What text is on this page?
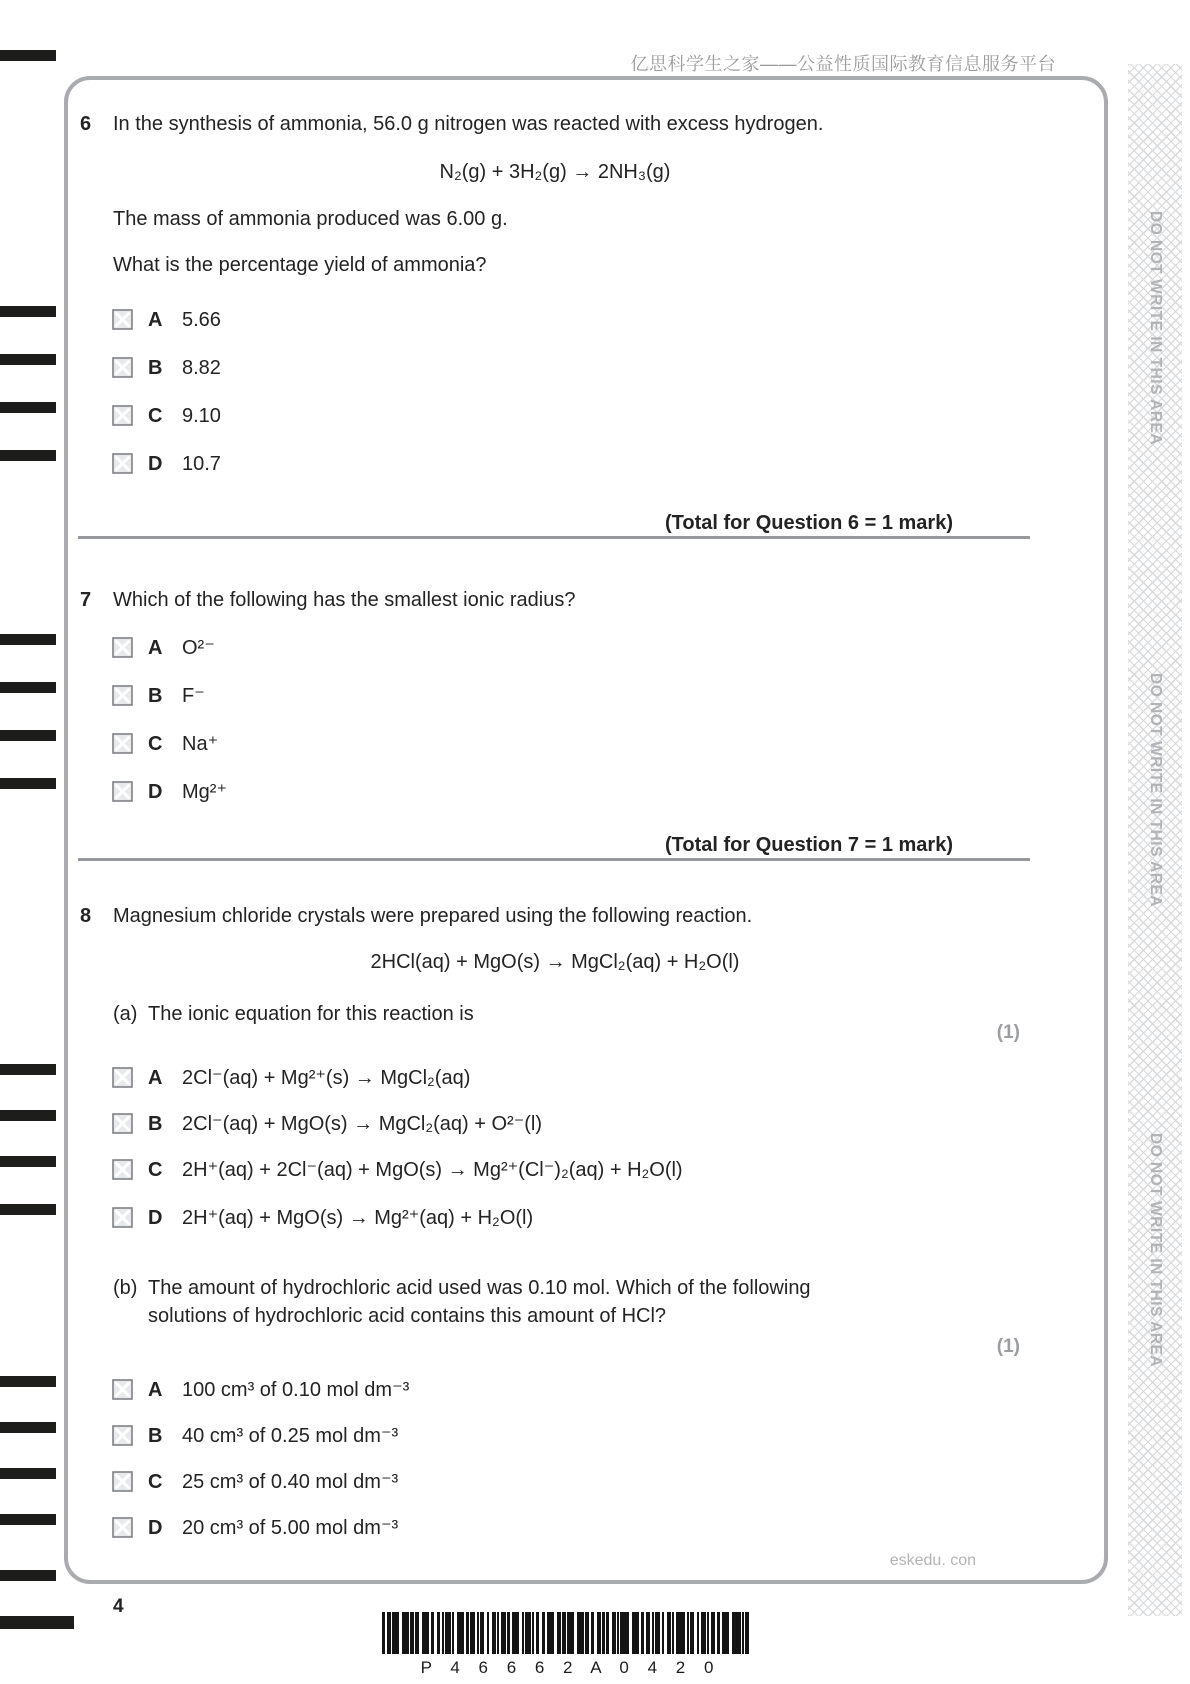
亿思科学生之家——公益性质国际教育信息服务平台
DO NOT WRITE IN THIS AREA
DO NOT WRITE IN THIS AREA
DO NOT WRITE IN THIS AREA
6	In the synthesis of ammonia, 56.0 g nitrogen was reacted with excess hydrogen.
N₂(g) + 3H₂(g) → 2NH₃(g)
The mass of ammonia produced was 6.00 g.
What is the percentage yield of ammonia?
A 5.66
B 8.82
C 9.10
D 10.7
(Total for Question 6 = 1 mark)
7	Which of the following has the smallest ionic radius?
A O²⁻
B F⁻
C Na⁺
D Mg²⁺
(Total for Question 7 = 1 mark)
8	Magnesium chloride crystals were prepared using the following reaction.
2HCl(aq) + MgO(s) → MgCl₂(aq) + H₂O(l)
(a) The ionic equation for this reaction is
(1)
A 2Cl⁻(aq) + Mg²⁺(s) → MgCl₂(aq)
B 2Cl⁻(aq) + MgO(s) → MgCl₂(aq) + O²⁻(l)
C 2H⁺(aq) + 2Cl⁻(aq) + MgO(s) → Mg²⁺(Cl⁻)₂(aq) + H₂O(l)
D 2H⁺(aq) + MgO(s) → Mg²⁺(aq) + H₂O(l)
(b) The amount of hydrochloric acid used was 0.10 mol. Which of the following solutions of hydrochloric acid contains this amount of HCl?
(1)
A 100 cm³ of 0.10 mol dm⁻³
B 40 cm³ of 0.25 mol dm⁻³
C 25 cm³ of 0.40 mol dm⁻³
D 20 cm³ of 5.00 mol dm⁻³
eskedu. con
4
P 4 6 6 6 2 A 0 4 2 0
